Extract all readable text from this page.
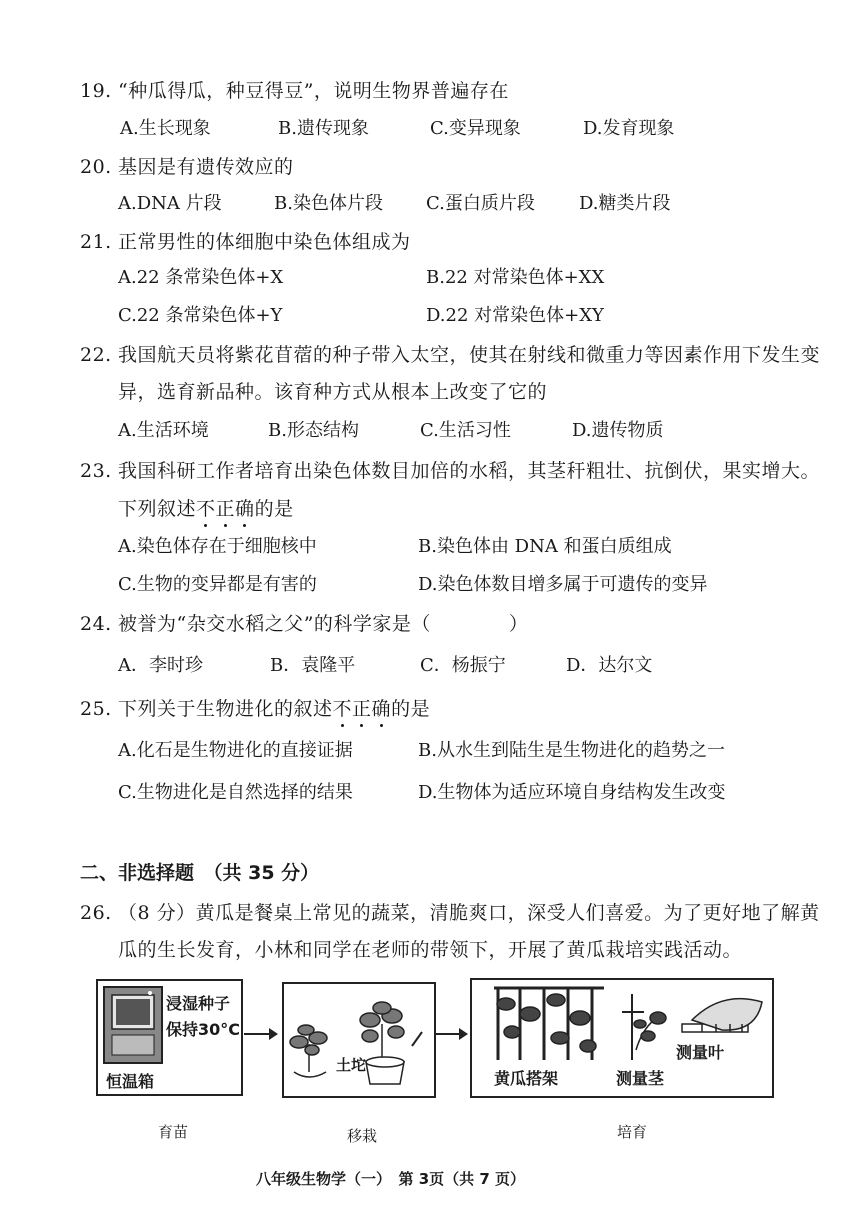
19. “种瓜得瓜，种豆得豆”，说明生物界普遍存在
A.生长现象	B.遗传现象	C.变异现象	D.发育现象
20. 基因是有遗传效应的
A.DNA 片段	B.染色体片段 C.蛋白质片段 D.糖类片段
21. 正常男性的体细胞中染色体组成为
A.22 条常染色体+X	B.22 对常染色体+XX
C.22 条常染色体+Y	D.22 对常染色体+XY
22. 我国航天员将紫花苜蓿的种子带入太空，使其在射线和微重力等因素作用下发生变
异，选育新品种。该育种方式从根本上改变了它的
A.生活环境	B.形态结构	C.生活习性	D.遗传物质
23. 我国科研工作者培育出染色体数目加倍的水稻，其茎秆粗壮、抗倒伏，果实增大。
下列叙述不正确的是
A.染色体存在于细胞核中	B.染色体由 DNA 和蛋白质组成
C.生物的变异都是有害的	D.染色体数目增多属于可遗传的变异
24. 被誉为“杂交水稻之父”的科学家是（　　　　）
A．李时珍	B．袁隆平	C．杨振宁	D．达尔文
25. 下列关于生物进化的叙述不正确的是
A.化石是生物进化的直接证据	B.从水生到陆生是生物进化的趋势之一
C.生物进化是自然选择的结果	D.生物体为适应环境自身结构发生改变
二、非选择题　（共 35 分）
26. （8 分）黄瓜是餐桌上常见的蔬菜，清脆爽口，深受人们喜爱。为了更好地了解黄
瓜的生长发育，小林和同学在老师的带领下，开展了黄瓜栽培实践活动。
浸湿种子
保持30°C
恒温箱
土坨
黄瓜搭架	测量茎
测量叶
育苗	移栽	培育
八年级生物学（一）　第 3页（共 7 页）
